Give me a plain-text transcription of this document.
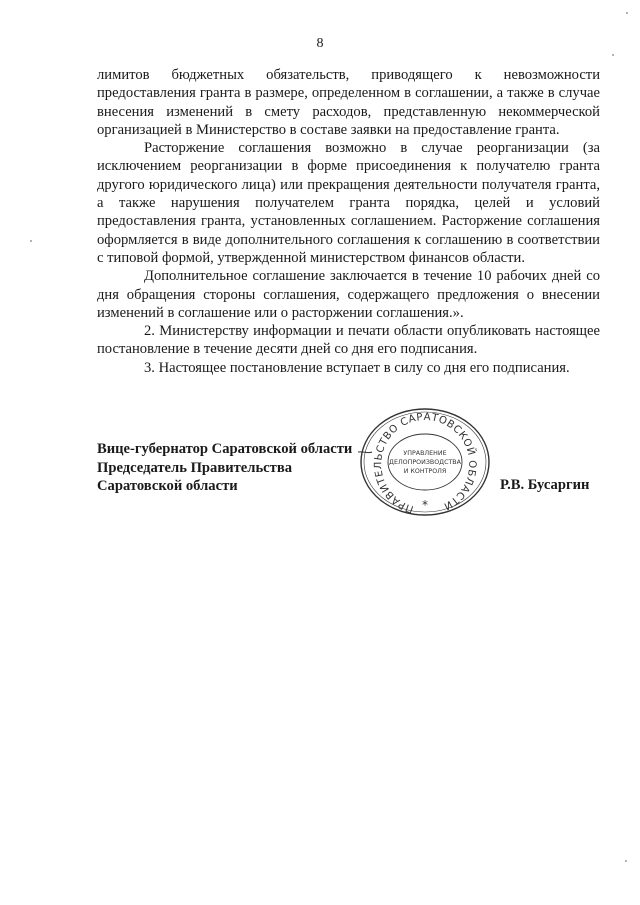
8

лимитов бюджетных обязательств, приводящего к невозможности предоставления гранта в размере, определенном в соглашении, а также в случае внесения изменений в смету расходов, представленную некоммерческой организацией в Министерство в составе заявки на предоставление гранта.

Расторжение соглашения возможно в случае реорганизации (за исключением реорганизации в форме присоединения к получателю гранта другого юридического лица) или прекращения деятельности получателя гранта, а также нарушения получателем гранта порядка, целей и условий предоставления гранта, установленных соглашением. Расторжение соглашения оформляется в виде дополнительного соглашения к соглашению в соответствии с типовой формой, утвержденной министерством финансов области.

Дополнительное соглашение заключается в течение 10 рабочих дней со дня обращения стороны соглашения, содержащего предложения о внесении изменений в соглашение или о расторжении соглашения.».

2. Министерству информации и печати области опубликовать настоящее постановление в течение десяти дней со дня его подписания.

3. Настоящее постановление вступает в силу со дня его подписания.

Вице-губернатор Саратовской области
Председатель Правительства
Саратовской области	Р.В. Бусаргин
ПРАВИТЕЛЬСТВО САРАТОВСКОЙ ОБЛАСТИ
УПРАВЛЕНИЕ
ДЕЛОПРОИЗВОДСТВА
И КОНТРОЛЯ
*
